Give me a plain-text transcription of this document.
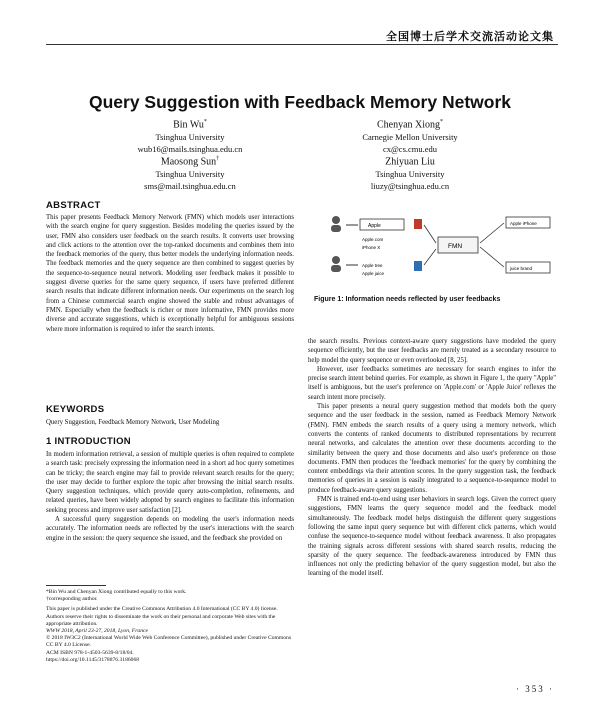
全国博士后学术交流活动论文集
Query Suggestion with Feedback Memory Network
Bin Wu*
Tsinghua University
wub16@mails.tsinghua.edu.cn
Chenyan Xiong*
Carnegie Mellon University
cx@cs.cmu.edu
Maosong Sun†
Tsinghua University
sms@mail.tsinghua.edu.cn
Zhiyuan Liu
Tsinghua University
liuzy@tsinghua.edu.cn
ABSTRACT

This paper presents Feedback Memory Network (FMN) which models user interactions with the search engine for query suggestion. Besides modeling the queries issued by the user, FMN also considers user feedback on the search results. It converts user browsing and click actions to the attention over the top-ranked documents and combines them into the feedback memories of the query, thus better models the underlying information needs. The feedback memories and the query sequence are then combined to suggest queries by the sequence-to-sequence neural network. Modeling user feedback makes it possible to suggest diverse queries for the same query sequence, if users have preferred different search results that indicate different information needs. Our experiments on the search log from a Chinese commercial search engine showed the stable and robust advantages of FMN. Especially when the feedback is richer or more informative, FMN provides more diverse and accurate suggestions, which is exceptionally helpful for ambiguous sessions where more information is required to infer the search intents.

KEYWORDS
Query Suggestion, Feedback Memory Network, User Modeling
1 INTRODUCTION

In modern information retrieval, a session of multiple queries is often required to complete a search task: precisely expressing the information need in a short ad hoc query sometimes can be tricky; the search engine may fail to provide relevant search results for the query; the user may decide to further explore the topic after browsing the initial search results. Query suggestion techniques, which provide query auto-completion, refinements, and related queries, have been widely adopted by search engines to facilitate this information seeking process and improve user satisfaction [2].

A successful query suggestion depends on modeling the user's information needs accurately. The information needs are reflected by the user's interactions with the search engine in the session: the query sequence she issued, and the feedback she provided on

*Bin Wu and Chenyan Xiong contributed equally to this work.
†corresponding author.
This paper is published under the Creative Commons Attribution 4.0 International (CC BY 4.0) license. Authors reserve their rights to disseminate the work on their personal and corporate Web sites with the appropriate attribution.
WWW 2018, April 23-27, 2018, Lyon, France
© 2018 IW3C2 (International World Wide Web Conference Committee), published under Creative Commons CC BY 4.0 License.
ACM ISBN 978-1-4503-5639-8/18/04.
https://doi.org/10.1145/3178876.3186068
Apple
Apple.com
iPhone X
Apple tree
Apple juice
FMN
Apple iPhone
juice brand
Figure 1: Information needs reflected by user feedbacks

the search results. Previous context-aware query suggestions have modeled the query sequence efficiently, but the user feedbacks are merely treated as a secondary resource to help model the query sequence or even overlooked [8, 25].

However, user feedbacks sometimes are necessary for search engines to infer the precise search intent behind queries. For example, as shown in Figure 1, the query "Apple" itself is ambiguous, but the user's preference on 'Apple.com' or 'Apple Juice' reflexes the search intent more precisely.

This paper presents a neural query suggestion method that models both the query sequence and the user feedback in the session, named as Feedback Memory Network (FMN). FMN embeds the search results of a query using a memory network, which converts the contents of ranked documents to distributed representations by recurrent neural networks, and calculates the attention over these documents according to the similarity between the query and those documents and also user's preference on those documents. FMN then produces the 'feedback memories' for the query by combining the content embeddings via their attention scores. In the query suggestion task, the feedback memories of queries in a session is easily integrated to a sequence-to-sequence model to produce feedback-aware query suggestions.

FMN is trained end-to-end using user behaviors in search logs. Given the correct query suggestions, FMN learns the query sequence model and the feedback model simultaneously. The feedback model helps distinguish the different query suggestions following the same input query sequence but with different click patterns, which would confuse the sequence-to-sequence model without feedback awareness. It also propagates the training signals across different sessions with shared search results, reducing the sparsity of the query sequence. The feedback-awareness introduced by FMN thus influences not only the predicting behavior of the query suggestion model, but also the learning of the model itself.

· 353 ·
